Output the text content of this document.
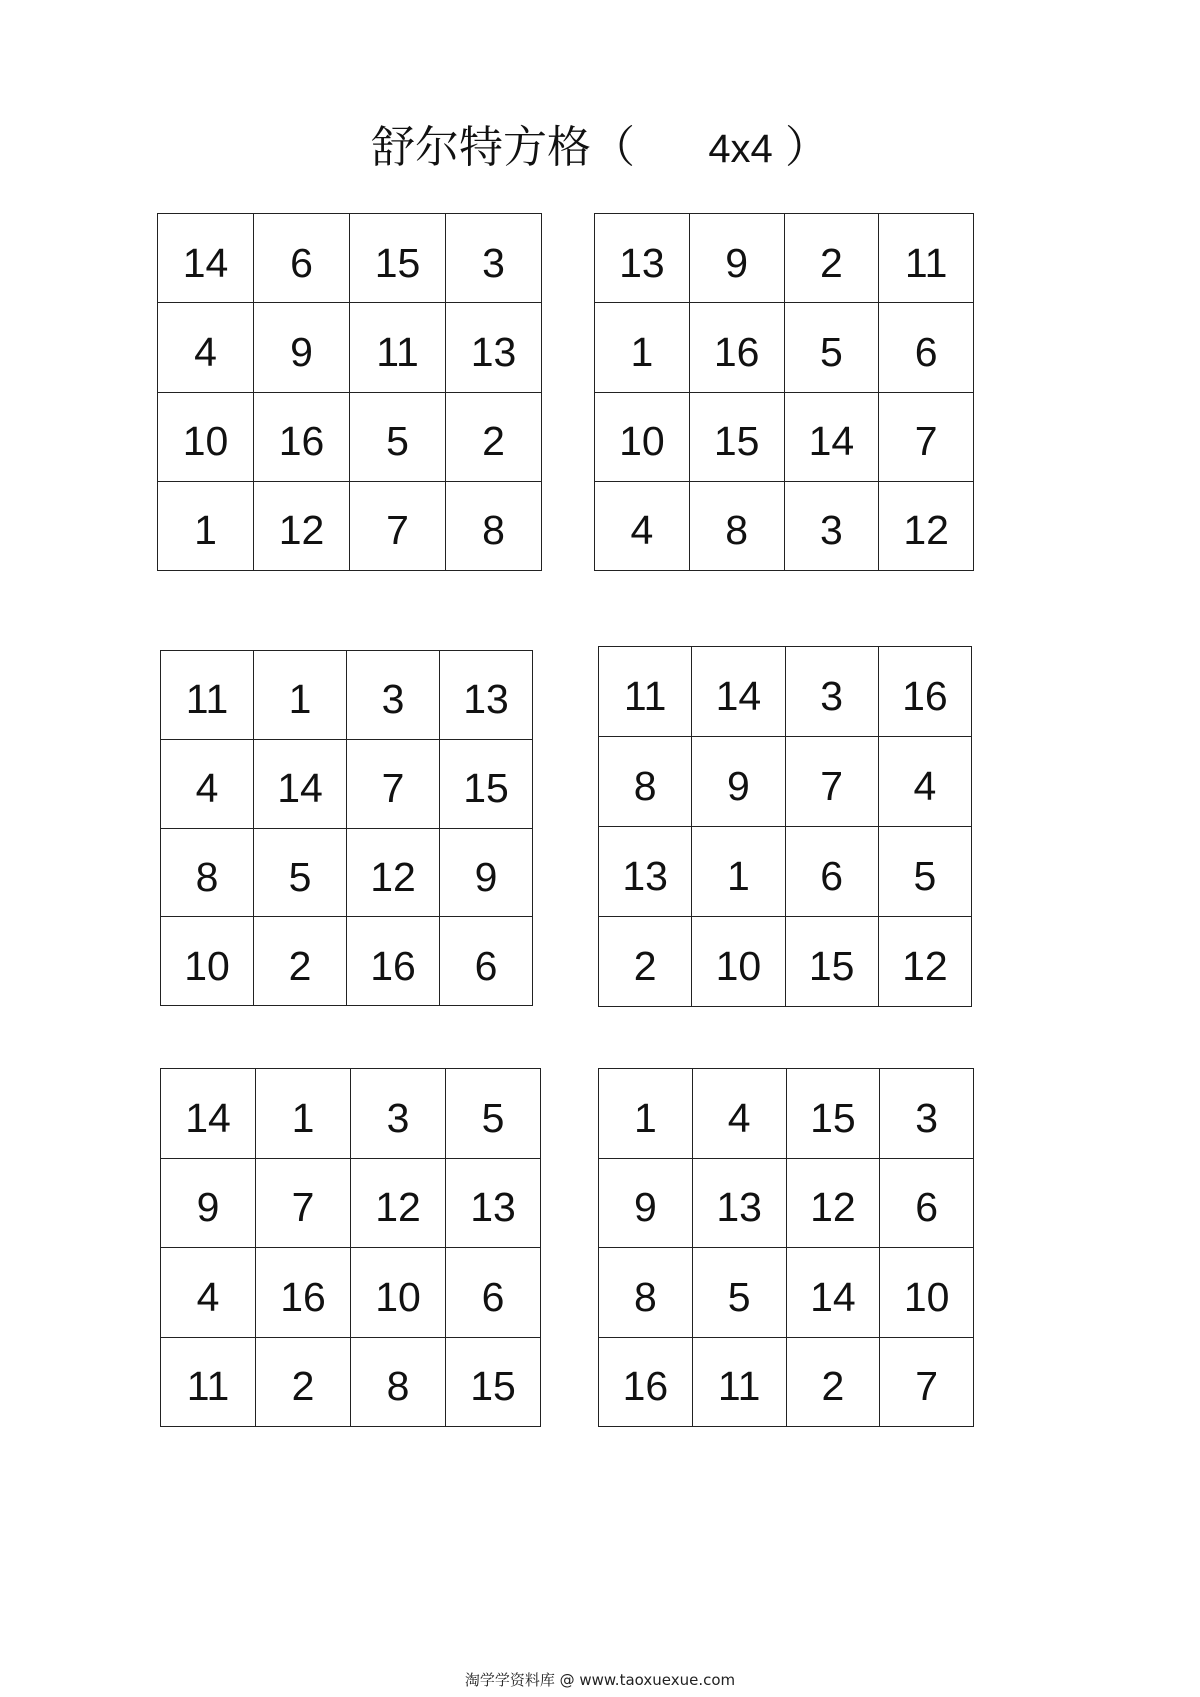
舒尔特方格（ 4x4 ）
14	6	15	3
4	9	11	13
10	16	5	2
1	12	7	8
13	9	2	11
1	16	5	6
10	15	14	7
4	8	3	12
11	1	3	13
4	14	7	15
8	5	12	9
10	2	16	6
11	14	3	16
8	9	7	4
13	1	6	5
2	10	15	12
14	1	3	5
9	7	12	13
4	16	10	6
11	2	8	15
1	4	15	3
9	13	12	6
8	5	14	10
16	11	2	7
淘学学资料库 @ www.taoxuexue.com
